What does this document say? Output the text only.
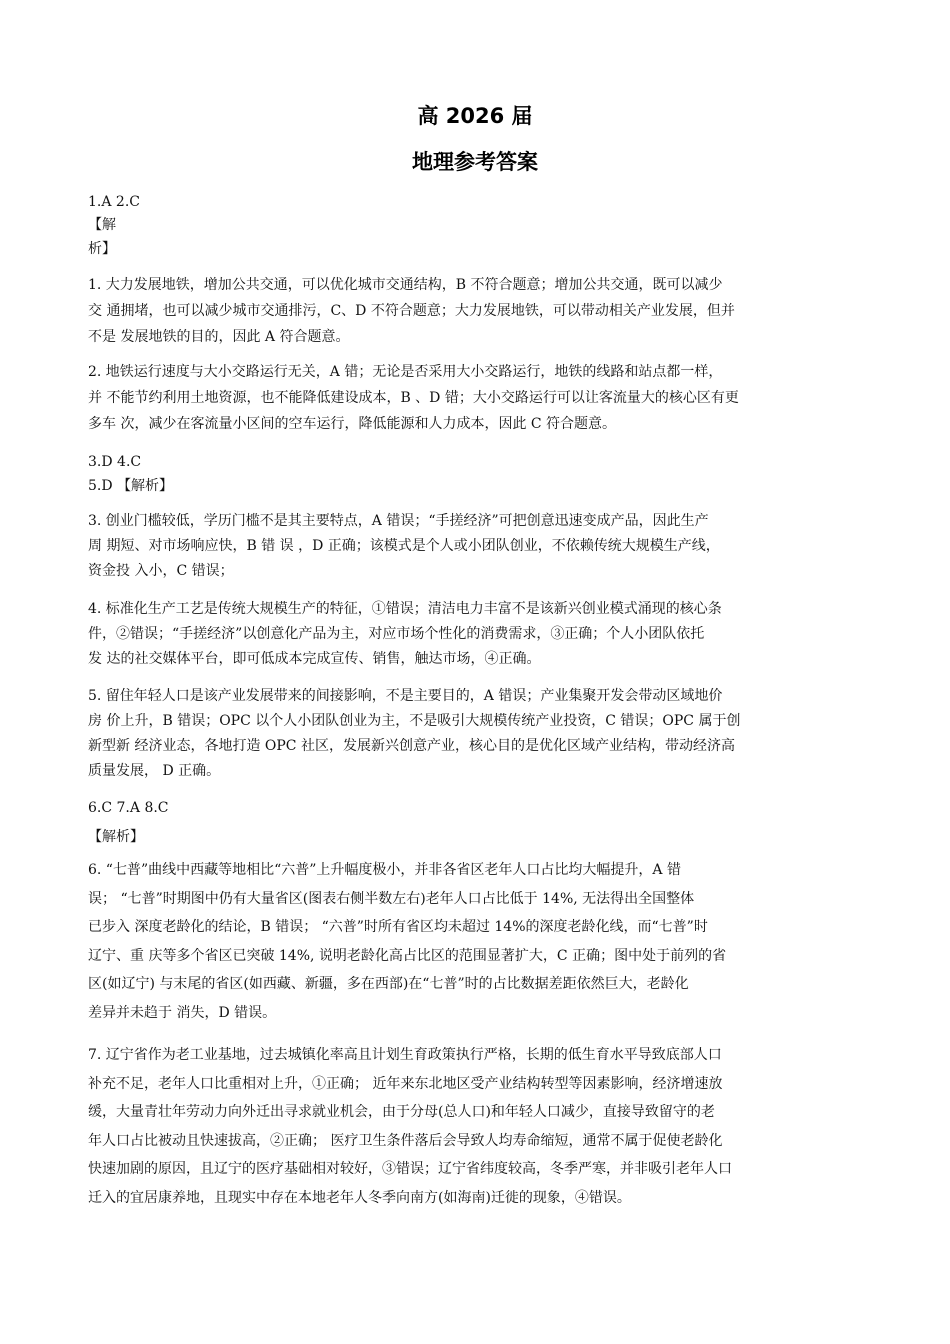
高 2026 届
地理参考答案
1.A 2.C
【解
析】
1. 大力发展地铁，增加公共交通，可以优化城市交通结构，B 不符合题意；增加公共交通，既可以减少
交 通拥堵，也可以减少城市交通排污，C、D 不符合题意；大力发展地铁，可以带动相关产业发展，但并
不是 发展地铁的目的，因此 A 符合题意。
2. 地铁运行速度与大小交路运行无关，A 错；无论是否采用大小交路运行，地铁的线路和站点都一样，
并 不能节约利用土地资源，也不能降低建设成本，B 、D 错；大小交路运行可以让客流量大的核心区有更
多车 次，减少在客流量小区间的空车运行，降低能源和人力成本，因此 C 符合题意。
3.D 4.C
5.D 【解析】
3. 创业门槛较低，学历门槛不是其主要特点，A 错误；“手搓经济”可把创意迅速变成产品，因此生产
周 期短、对市场响应快，B 错 误 ，D 正确；该模式是个人或小团队创业，不依赖传统大规模生产线，
资金投 入小，C 错误；
4. 标准化生产工艺是传统大规模生产的特征，①错误；清洁电力丰富不是该新兴创业模式涌现的核心条
件，②错误；“手搓经济”以创意化产品为主，对应市场个性化的消费需求，③正确；个人小团队依托
发 达的社交媒体平台，即可低成本完成宣传、销售，触达市场，④正确。
5. 留住年轻人口是该产业发展带来的间接影响，不是主要目的，A 错误；产业集聚开发会带动区域地价
房 价上升，B 错误；OPC 以个人小团队创业为主，不是吸引大规模传统产业投资，C 错误；OPC 属于创
新型新 经济业态，各地打造 OPC 社区，发展新兴创意产业，核心目的是优化区域产业结构，带动经济高
质量发展， D 正确。
6.C 7.A 8.C
【解析】
6. “七普”曲线中西藏等地相比“六普”上升幅度极小，并非各省区老年人口占比均大幅提升，A 错
误； “七普”时期图中仍有大量省区(图表右侧半数左右)老年人口占比低于 14%, 无法得出全国整体
已步入 深度老龄化的结论，B 错误； “六普”时所有省区均未超过 14%的深度老龄化线，而“七普”时
辽宁、重 庆等多个省区已突破 14%, 说明老龄化高占比区的范围显著扩大，C 正确；图中处于前列的省
区(如辽宁) 与末尾的省区(如西藏、新疆，多在西部)在“七普”时的占比数据差距依然巨大，老龄化
差异并未趋于 消失，D 错误。
7. 辽宁省作为老工业基地，过去城镇化率高且计划生育政策执行严格，长期的低生育水平导致底部人口
补充不足，老年人口比重相对上升，①正确； 近年来东北地区受产业结构转型等因素影响，经济增速放
缓，大量青壮年劳动力向外迁出寻求就业机会，由于分母(总人口)和年轻人口减少，直接导致留守的老
年人口占比被动且快速拔高，②正确； 医疗卫生条件落后会导致人均寿命缩短，通常不属于促使老龄化
快速加剧的原因，且辽宁的医疗基础相对较好，③错误；辽宁省纬度较高，冬季严寒，并非吸引老年人口
迁入的宜居康养地，且现实中存在本地老年人冬季向南方(如海南)迁徙的现象，④错误。
